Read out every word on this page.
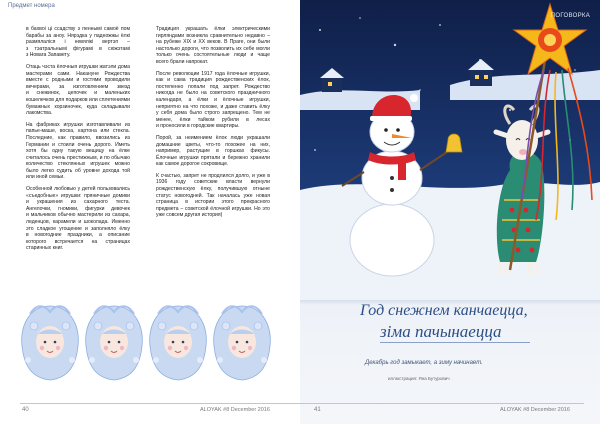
Предмет номера

в бахвоі ці ссадству з пеннымі самоё пом барабы за аноу. Нярэдка у падножжы ёлкі размялаліся і невялікі вертэп – з тэатральнымі фігурамі в сюжэтамі з Новага Запавету.

Отаць чэста ёлочныя игрушки жатэли дома мастерами сами. Накануне Рождества вместе с родными и гостями проводили вечерами, за изготовлением звезд и снежинок, цепочек и маленьких кошелечков для подарков или сплетениями бумажных корзиночек, куда складывали лакомства.

На фабриках игрушки изготавливали из папье-маше, воска, картона или стекла. Последние, как правило, ввозились из Германии и стоили очень дорого. Иметь хотя бы одну такую вещицу на ёлке считалось очень престижным, и по обычаю количество стеклянных игрушек можно было легко судить об уровне дохода той или иной семьи.

Особенной любовью у детей пользовались «съедобные» игрушки: пряничные домики и украшения из сахарного теста. Ангелочки, гномики, фигурки девочек и мальчиков обычно мастерили из сахара, леденцов, карамели и шоколада. Именно это сладкое угощение и заполняло ёлку в новогодние праздники, а описание которого встречается на страницах старинных книг.

Традиция украшать ёлки электрическими гирляндами возникла сравнительно недавно – на рубеже XIX и XX веков. В Праге, они были настолько дороги, что позволить их себе могли только очень состоятельные люди и чаще всего брали напрокат.

После революции 1917 года ёлочные игрушки, как и сама традиция рождественских ёлок, постепенно попали под запрет. Рождество никогда не было на советского праздничного календаря, а ёлки и ёлочные игрушки, неприятно на что похоже, и даже ставить ёлку у себя дома было строго запрещено. Тем не менее, ёлки тайком рубили в лесах и проносили в городские квартиры.

Порой, за неимением ёлок люди украшали домашние цветы, что-то похожее на них, например, растущие в горшках фикусы. Ёлочные игрушки прятали и бережно хранили как самое дорогое сокровище.

К счастью, запрет не продлился долго, и уже в 1936 году советские власти вернули рождественскую ёлку, получившую отныне статус новогодней. Так началась уже новая страница в истории этого прекрасного предмета – советской ёлочной игрушки. Но это уже совсем другая история)

40	ALOYAK #8 December 2016
ПОГОВОРКА
Год снежнем канчаецца,
зіма пачынаецца
Декабрь год замыкает, а зиму начинает.
иллюстрация: Яна Бутурович
41	ALOYAK #8 December 2016
